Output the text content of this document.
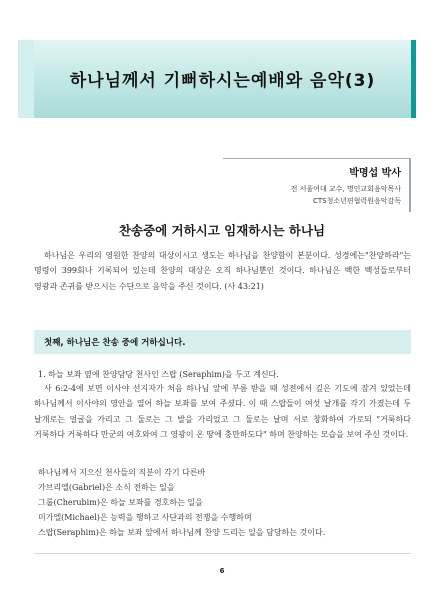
하나님께서 기뻐하시는예배와 음악(3)
박명섭 박사
전 서울여대 교수, 명인교회음악목사
CTS청소년편협력원음악감독
찬송중에 거하시고 임재하시는 하나님
하나님은 우리의 영원한 찬양의 대상이시고 생도는 하나님을 찬양함이 본분이다. 성경에는"찬양하라"는 명령이 399회나 기록되어 있는데 찬양의 대상은 오직 하나님뿐인 것이다. 하나님은 백한 백성들로부터 영광과 존귀를 받으시는 수단으로 음악을 주신 것이다. (사 43:21)
첫째, 하나님은 찬송 중에 거하십니다.
1. 하늘 보좌 옆에 찬양담당 천사인 스랍 (Seraphim)을 두고 계신다.
사 6:2-4에 보면 이사야 선지자가 처음 하나님 앞에 부름 받을 때 성전에서 깊은 기도에 잠겨 있었는데 하나님께서 이사야의 영안을 열어 하늘 보좌를 보여 주셨다. 이 때 스랍들이 여섯 날개를 각기 가졌는데 두 날개로는 얼굴을 가리고 그 둘로는 그 발을 가리었고 그 둘로는 날며 서로 창화하여 가로되 "거룩하다 거룩하다 거룩하다 만군의 여호와여 그 영광이 온 땅에 충만하도다" 하며 찬양하는 모습을 보여 주신 것이다.
하나님께서 지으신 천사들의 직분이 각기 다른바
가브리엘(Gabriel)은 소식 전하는 일을
그룹(Cherubim)은 하늘 보좌를 경호하는 일을
미가엘(Michael)은 능력을 행하고 사단과의 전쟁을 수행하며
스랍(Seraphim)은 하늘 보좌 앞에서 하나님께 찬양 드리는 일을 담당하는 것이다.
6
